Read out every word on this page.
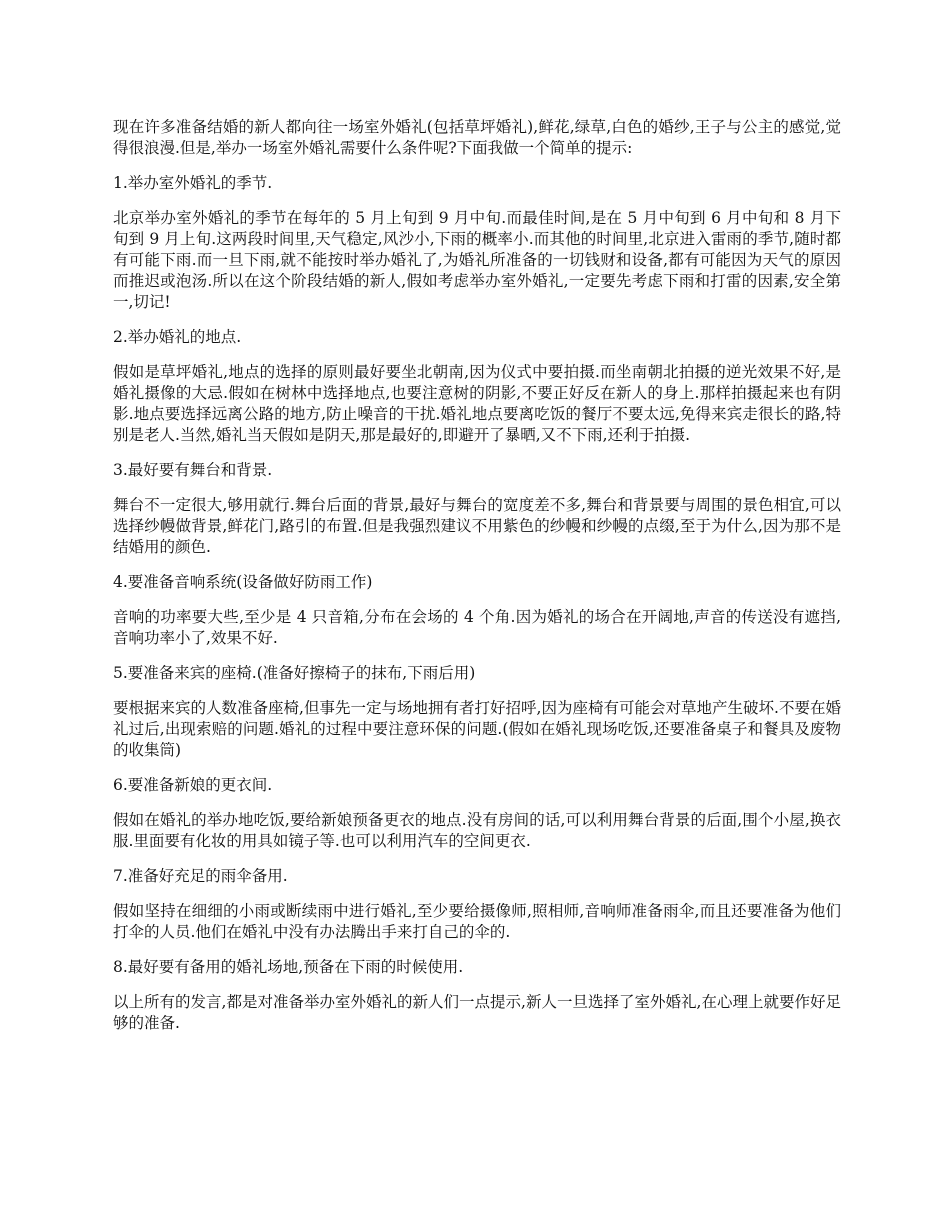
现在许多准备结婚的新人都向往一场室外婚礼(包括草坪婚礼),鲜花,绿草,白色的婚纱,王子与公主的感觉,觉得很浪漫.但是,举办一场室外婚礼需要什么条件呢?下面我做一个简单的提示:

1.举办室外婚礼的季节.

北京举办室外婚礼的季节在每年的 5 月上旬到 9 月中旬.而最佳时间,是在 5 月中旬到 6 月中旬和 8 月下旬到 9 月上旬.这两段时间里,天气稳定,风沙小,下雨的概率小.而其他的时间里,北京进入雷雨的季节,随时都有可能下雨.而一旦下雨,就不能按时举办婚礼了,为婚礼所准备的一切钱财和设备,都有可能因为天气的原因而推迟或泡汤.所以在这个阶段结婚的新人,假如考虑举办室外婚礼,一定要先考虑下雨和打雷的因素,安全第一,切记!

2.举办婚礼的地点.

假如是草坪婚礼,地点的选择的原则最好要坐北朝南,因为仪式中要拍摄.而坐南朝北拍摄的逆光效果不好,是婚礼摄像的大忌.假如在树林中选择地点,也要注意树的阴影,不要正好反在新人的身上.那样拍摄起来也有阴影.地点要选择远离公路的地方,防止噪音的干扰.婚礼地点要离吃饭的餐厅不要太远,免得来宾走很长的路,特别是老人.当然,婚礼当天假如是阴天,那是最好的,即避开了暴晒,又不下雨,还利于拍摄.

3.最好要有舞台和背景.

舞台不一定很大,够用就行.舞台后面的背景,最好与舞台的宽度差不多,舞台和背景要与周围的景色相宜,可以选择纱幔做背景,鲜花门,路引的布置.但是我强烈建议不用紫色的纱幔和纱幔的点缀,至于为什么,因为那不是结婚用的颜色.

4.要准备音响系统(设备做好防雨工作)

音响的功率要大些,至少是 4 只音箱,分布在会场的 4 个角.因为婚礼的场合在开阔地,声音的传送没有遮挡,音响功率小了,效果不好.

5.要准备来宾的座椅.(准备好擦椅子的抹布,下雨后用)

要根据来宾的人数准备座椅,但事先一定与场地拥有者打好招呼,因为座椅有可能会对草地产生破坏.不要在婚礼过后,出现索赔的问题.婚礼的过程中要注意环保的问题.(假如在婚礼现场吃饭,还要准备桌子和餐具及废物的收集筒)

6.要准备新娘的更衣间.

假如在婚礼的举办地吃饭,要给新娘预备更衣的地点.没有房间的话,可以利用舞台背景的后面,围个小屋,换衣服.里面要有化妆的用具如镜子等.也可以利用汽车的空间更衣.

7.准备好充足的雨伞备用.

假如坚持在细细的小雨或断续雨中进行婚礼,至少要给摄像师,照相师,音响师准备雨伞,而且还要准备为他们打伞的人员.他们在婚礼中没有办法腾出手来打自己的伞的.

8.最好要有备用的婚礼场地,预备在下雨的时候使用.

以上所有的发言,都是对准备举办室外婚礼的新人们一点提示,新人一旦选择了室外婚礼,在心理上就要作好足够的准备.
